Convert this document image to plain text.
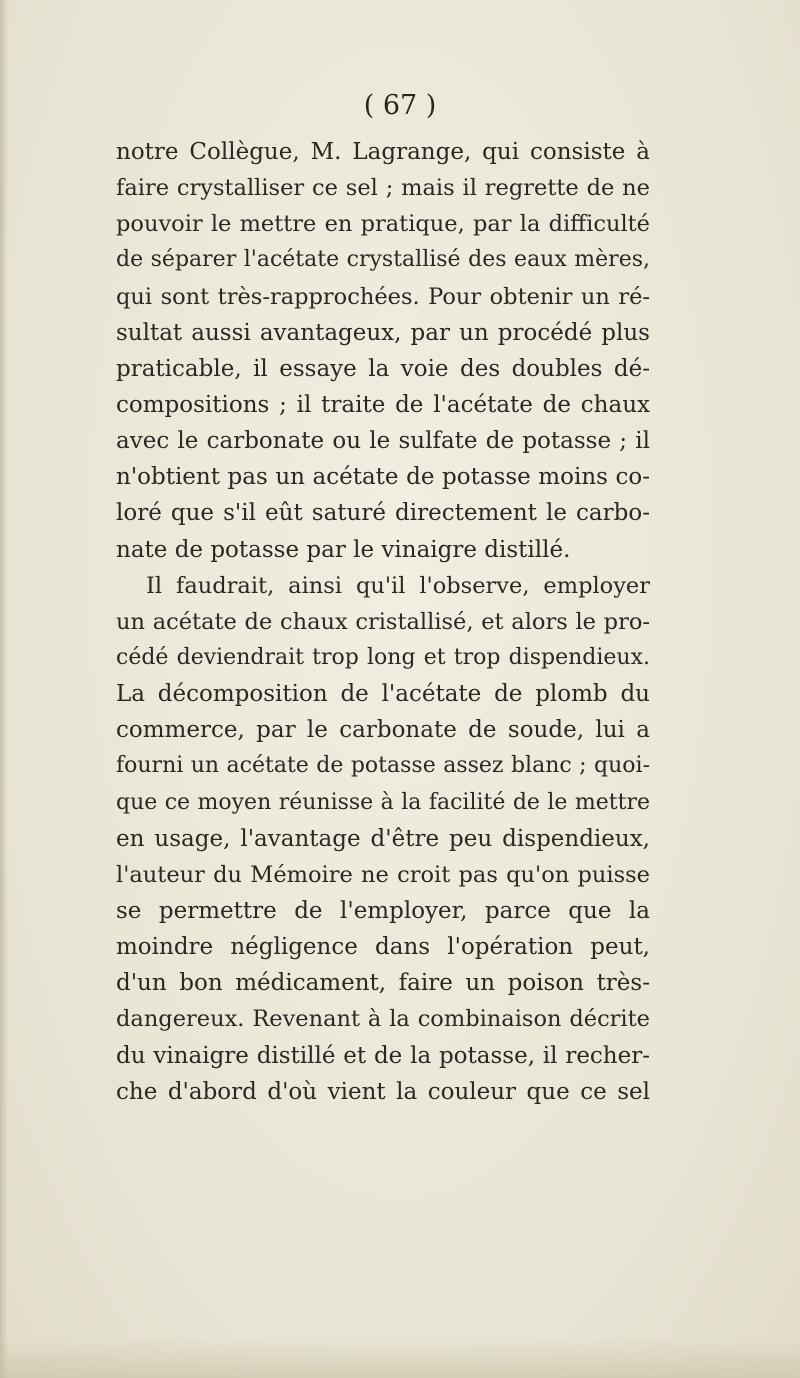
( 67 )
notre Collègue, M. Lagrange, qui consiste à
faire crystalliser ce sel ; mais il regrette de ne
pouvoir le mettre en pratique, par la difficulté
de séparer l'acétate crystallisé des eaux mères,
qui sont très-rapprochées. Pour obtenir un ré-
sultat aussi avantageux, par un procédé plus
praticable, il essaye la voie des doubles dé-
compositions ; il traite de l'acétate de chaux
avec le carbonate ou le sulfate de potasse ; il
n'obtient pas un acétate de potasse moins co-
loré que s'il eût saturé directement le carbo-
nate de potasse par le vinaigre distillé.
Il faudrait, ainsi qu'il l'observe, employer
un acétate de chaux cristallisé, et alors le pro-
cédé deviendrait trop long et trop dispendieux.
La décomposition de l'acétate de plomb du
commerce, par le carbonate de soude, lui a
fourni un acétate de potasse assez blanc ; quoi-
que ce moyen réunisse à la facilité de le mettre
en usage, l'avantage d'être peu dispendieux,
l'auteur du Mémoire ne croit pas qu'on puisse
se permettre de l'employer, parce que la
moindre négligence dans l'opération peut,
d'un bon médicament, faire un poison très-
dangereux. Revenant à la combinaison décrite
du vinaigre distillé et de la potasse, il recher-
che d'abord d'où vient la couleur que ce sel
